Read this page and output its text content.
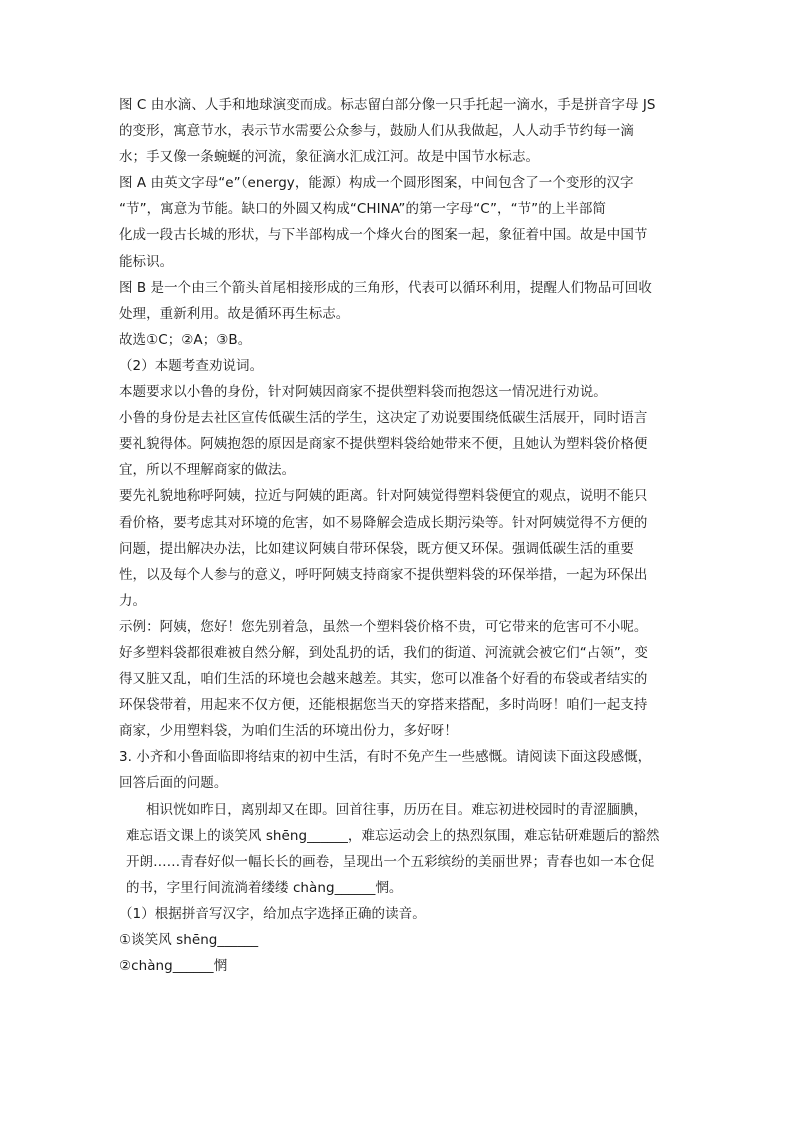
图 C 由水滴、人手和地球演变而成。标志留白部分像一只手托起一滴水，手是拼音字母 JS
的变形，寓意节水，表示节水需要公众参与，鼓励人们从我做起，人人动手节约每一滴
水；手又像一条蜿蜒的河流，象征滴水汇成江河。故是中国节水标志。
图 A 由英文字母“e”（energy，能源）构成一个圆形图案，中间包含了一个变形的汉字
“节”，寓意为节能。缺口的外圆又构成“CHINA”的第一字母“C”，“节”的上半部简
化成一段古长城的形状，与下半部构成一个烽火台的图案一起，象征着中国。故是中国节
能标识。
图 B 是一个由三个箭头首尾相接形成的三角形，代表可以循环利用，提醒人们物品可回收
处理，重新利用。故是循环再生标志。
故选①C；②A；③B。
（2）本题考查劝说词。
本题要求以小鲁的身份，针对阿姨因商家不提供塑料袋而抱怨这一情况进行劝说。
小鲁的身份是去社区宣传低碳生活的学生，这决定了劝说要围绕低碳生活展开，同时语言
要礼貌得体。阿姨抱怨的原因是商家不提供塑料袋给她带来不便，且她认为塑料袋价格便
宜，所以不理解商家的做法。
要先礼貌地称呼阿姨，拉近与阿姨的距离。针对阿姨觉得塑料袋便宜的观点，说明不能只
看价格，要考虑其对环境的危害，如不易降解会造成长期污染等。针对阿姨觉得不方便的
问题，提出解决办法，比如建议阿姨自带环保袋，既方便又环保。强调低碳生活的重要
性，以及每个人参与的意义，呼吁阿姨支持商家不提供塑料袋的环保举措，一起为环保出
力。
示例：阿姨，您好！您先别着急，虽然一个塑料袋价格不贵，可它带来的危害可不小呢。
好多塑料袋都很难被自然分解，到处乱扔的话，我们的街道、河流就会被它们“占领”，变
得又脏又乱，咱们生活的环境也会越来越差。其实，您可以准备个好看的布袋或者结实的
环保袋带着，用起来不仅方便，还能根据您当天的穿搭来搭配，多时尚呀！咱们一起支持
商家，少用塑料袋，为咱们生活的环境出份力，多好呀！
3. 小齐和小鲁面临即将结束的初中生活，有时不免产生一些感慨。请阅读下面这段感慨，
回答后面的问题。
相识恍如昨日，离别却又在即。回首往事，历历在目。难忘初进校园时的青涩腼腆，
难忘语文课上的谈笑风 shēng______，难忘运动会上的热烈氛围，难忘钻研难题后的豁然
开朗……青春好似一幅长长的画卷，呈现出一个五彩缤纷的美丽世界；青春也如一本仓促
的书，字里行间流淌着缕缕 chàng______惘。
（1）根据拼音写汉字，给加点字选择正确的读音。
①谈笑风 shēng______
②chàng______惘
